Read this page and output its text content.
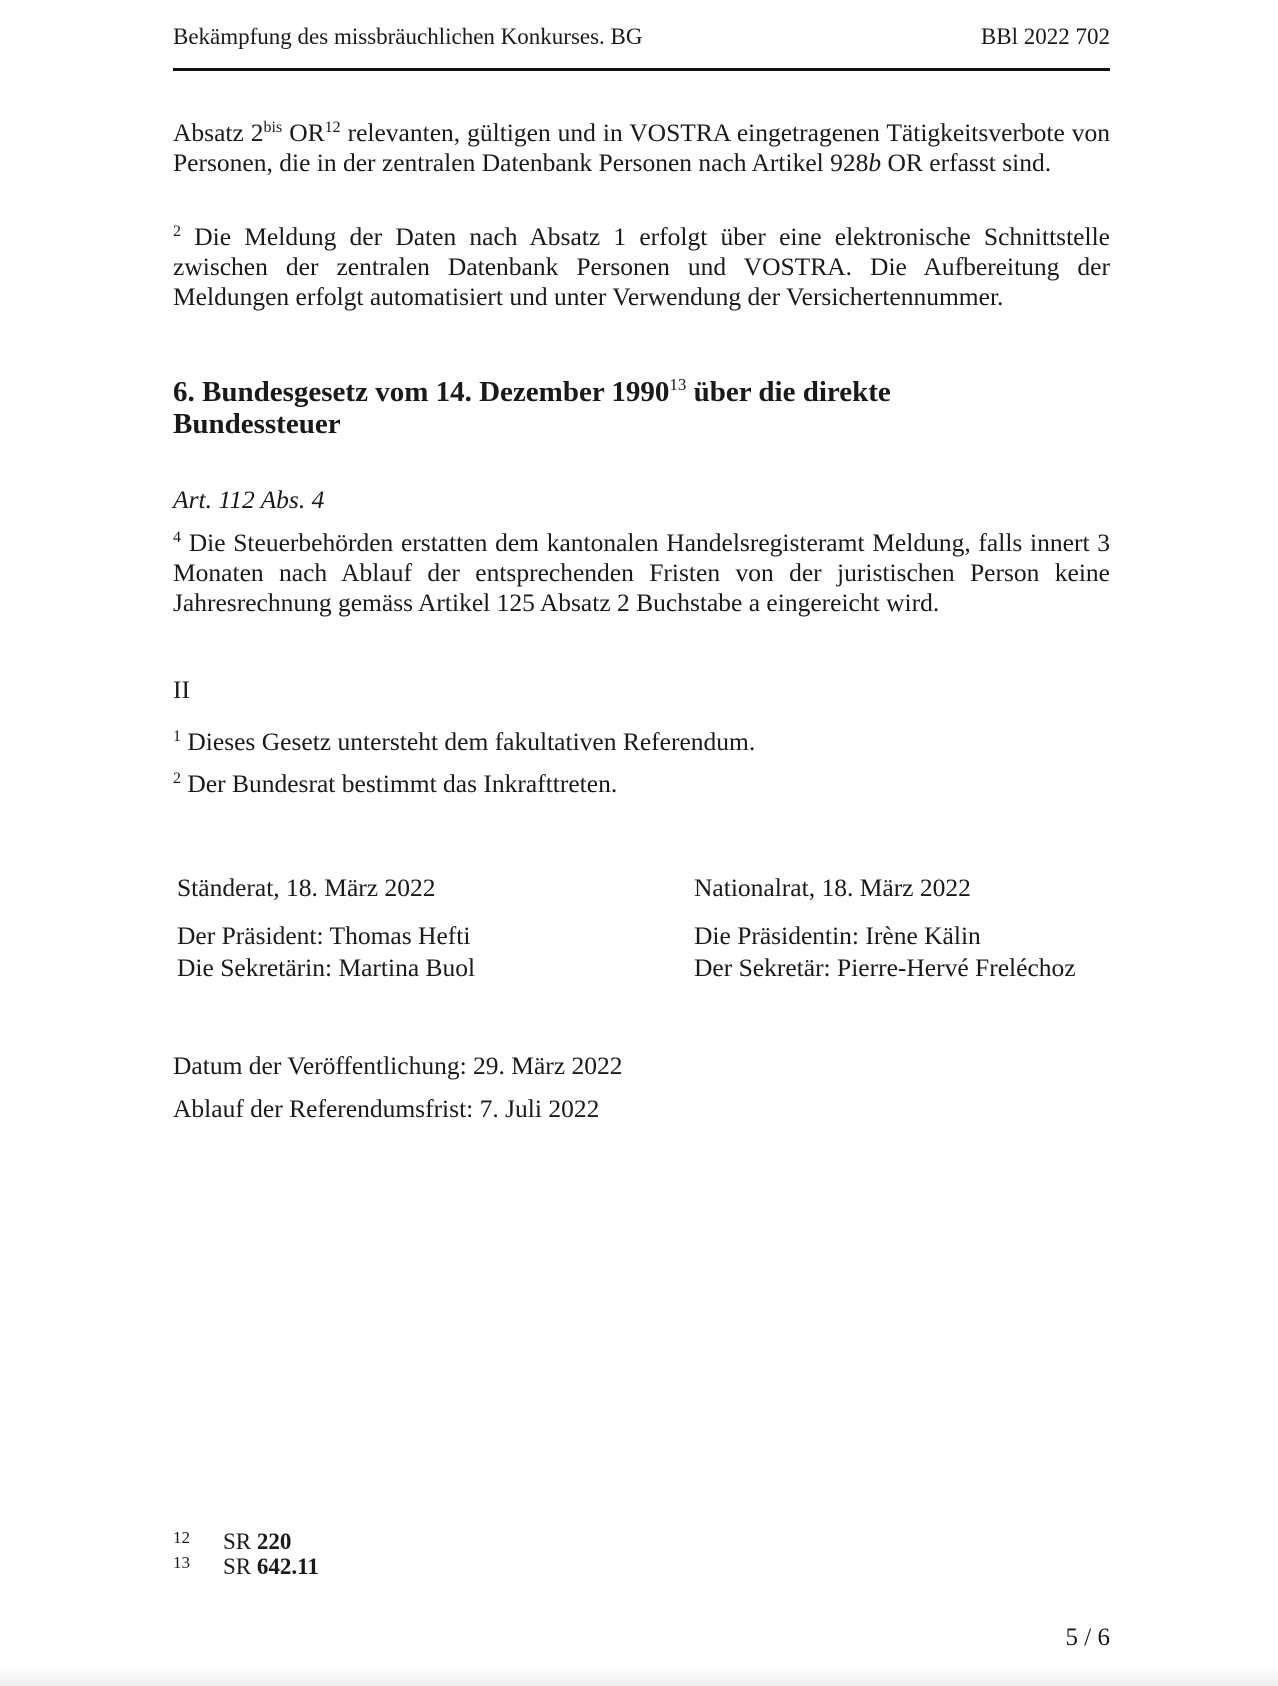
Bekämpfung des missbräuchlichen Konkurses. BG	BBl 2022 702
Absatz $2^{bis}$ OR$^{12}$ relevanten, gültigen und in VOSTRA eingetragenen Tätigkeitsverbote von Personen, die in der zentralen Datenbank Personen nach Artikel 928b OR erfasst sind.
$^2$ Die Meldung der Daten nach Absatz 1 erfolgt über eine elektronische Schnittstelle zwischen der zentralen Datenbank Personen und VOSTRA. Die Aufbereitung der Meldungen erfolgt automatisiert und unter Verwendung der Versichertennummer.
6. Bundesgesetz vom 14. Dezember 1990$^{13}$ über die direkte
Bundessteuer
Art. 112 Abs. 4
$^4$ Die Steuerbehörden erstatten dem kantonalen Handelsregisteramt Meldung, falls innert 3 Monaten nach Ablauf der entsprechenden Fristen von der juristischen Person keine Jahresrechnung gemäss Artikel 125 Absatz 2 Buchstabe a eingereicht wird.
II
$^1$ Dieses Gesetz untersteht dem fakultativen Referendum.
$^2$ Der Bundesrat bestimmt das Inkrafttreten.
Ständerat, 18. März 2022
Der Präsident: Thomas Hefti
Die Sekretärin: Martina Buol
Nationalrat, 18. März 2022
Die Präsidentin: Irène Kälin
Der Sekretär: Pierre-Hervé Freléchoz
Datum der Veröffentlichung: 29. März 2022
Ablauf der Referendumsfrist: 7. Juli 2022
12 SR 220
13 SR 642.11
5 / 6
